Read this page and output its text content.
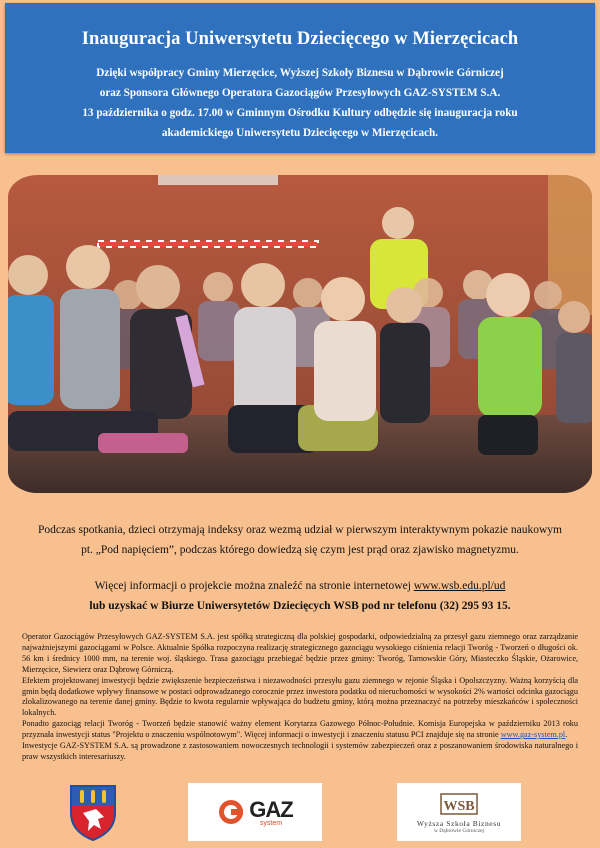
Inauguracja Uniwersytetu Dziecięcego w Mierzęcicach
Dzięki współpracy Gminy Mierzęcice, Wyższej Szkoły Biznesu w Dąbrowie Górniczej
oraz Sponsora Głównego Operatora Gazociągów Przesyłowych GAZ-SYSTEM S.A.
13 października o godz. 17.00 w Gminnym Ośrodku Kultury odbędzie się inauguracja roku
akademickiego Uniwersytetu Dziecięcego w Mierzęcicach.
Podczas spotkania, dzieci otrzymają indeksy oraz wezmą udział w pierwszym interaktywnym pokazie naukowym
pt. „Pod napięciem”, podczas którego dowiedzą się czym jest prąd oraz zjawisko magnetyzmu.
Więcej informacji o projekcie można znaleźć na stronie internetowej www.wsb.edu.pl/ud
lub uzyskać w Biurze Uniwersytetów Dziecięcych WSB pod nr telefonu (32) 295 93 15.

Operator Gazociągów Przesyłowych GAZ-SYSTEM S.A. jest spółką strategiczną dla polskiej gospodarki, odpowiedzialną za przesył gazu ziemnego oraz zarządzanie najważniejszymi gazociągami w Polsce. Aktualnie Spółka rozpoczyna realizację strategicznego gazociągu wysokiego ciśnienia relacji Tworóg - Tworzeń o długości ok. 56 km i średnicy 1000 mm, na terenie woj. śląskiego. Trasa gazociągu przebiegać będzie przez gminy: Tworóg, Tarnowskie Góry, Miasteczko Śląskie, Ożarowice, Mierzęcice, Siewierz oraz Dąbrowę Górniczą.

Efektem projektowanej inwestycji będzie zwiększenie bezpieczeństwa i niezawodności przesyłu gazu ziemnego w rejonie Śląska i Opolszczyzny. Ważną korzyścią dla gmin będą dodatkowe wpływy finansowe w postaci odprowadzanego corocznie przez inwestora podatku od nieruchomości w wysokości 2% wartości odcinka gazociągu zlokalizowanego na terenie danej gminy. Będzie to kwota regularnie wpływająca do budżetu gminy, którą można przeznaczyć na potrzeby mieszkańców i społeczności lokalnych.

Ponadto gazociąg relacji Tworóg - Tworzeń będzie stanowić ważny element Korytarza Gazowego Północ-Południe. Komisja Europejska w październiku 2013 roku przyznała inwestycji status "Projektu o znaczeniu wspólnotowym". Więcej informacji o inwestycji i znaczeniu statusu PCI znajduje się na stronie www.gaz-system.pl.

Inwestycje GAZ-SYSTEM S.A. są prowadzone z zastosowaniem nowoczesnych technologii i systemów zabezpieczeń oraz z poszanowaniem środowiska naturalnego i praw wszystkich interesariuszy.

GAZ
system
WSB
Wyższa Szkoła Biznesu
w Dąbrowie Górniczej
